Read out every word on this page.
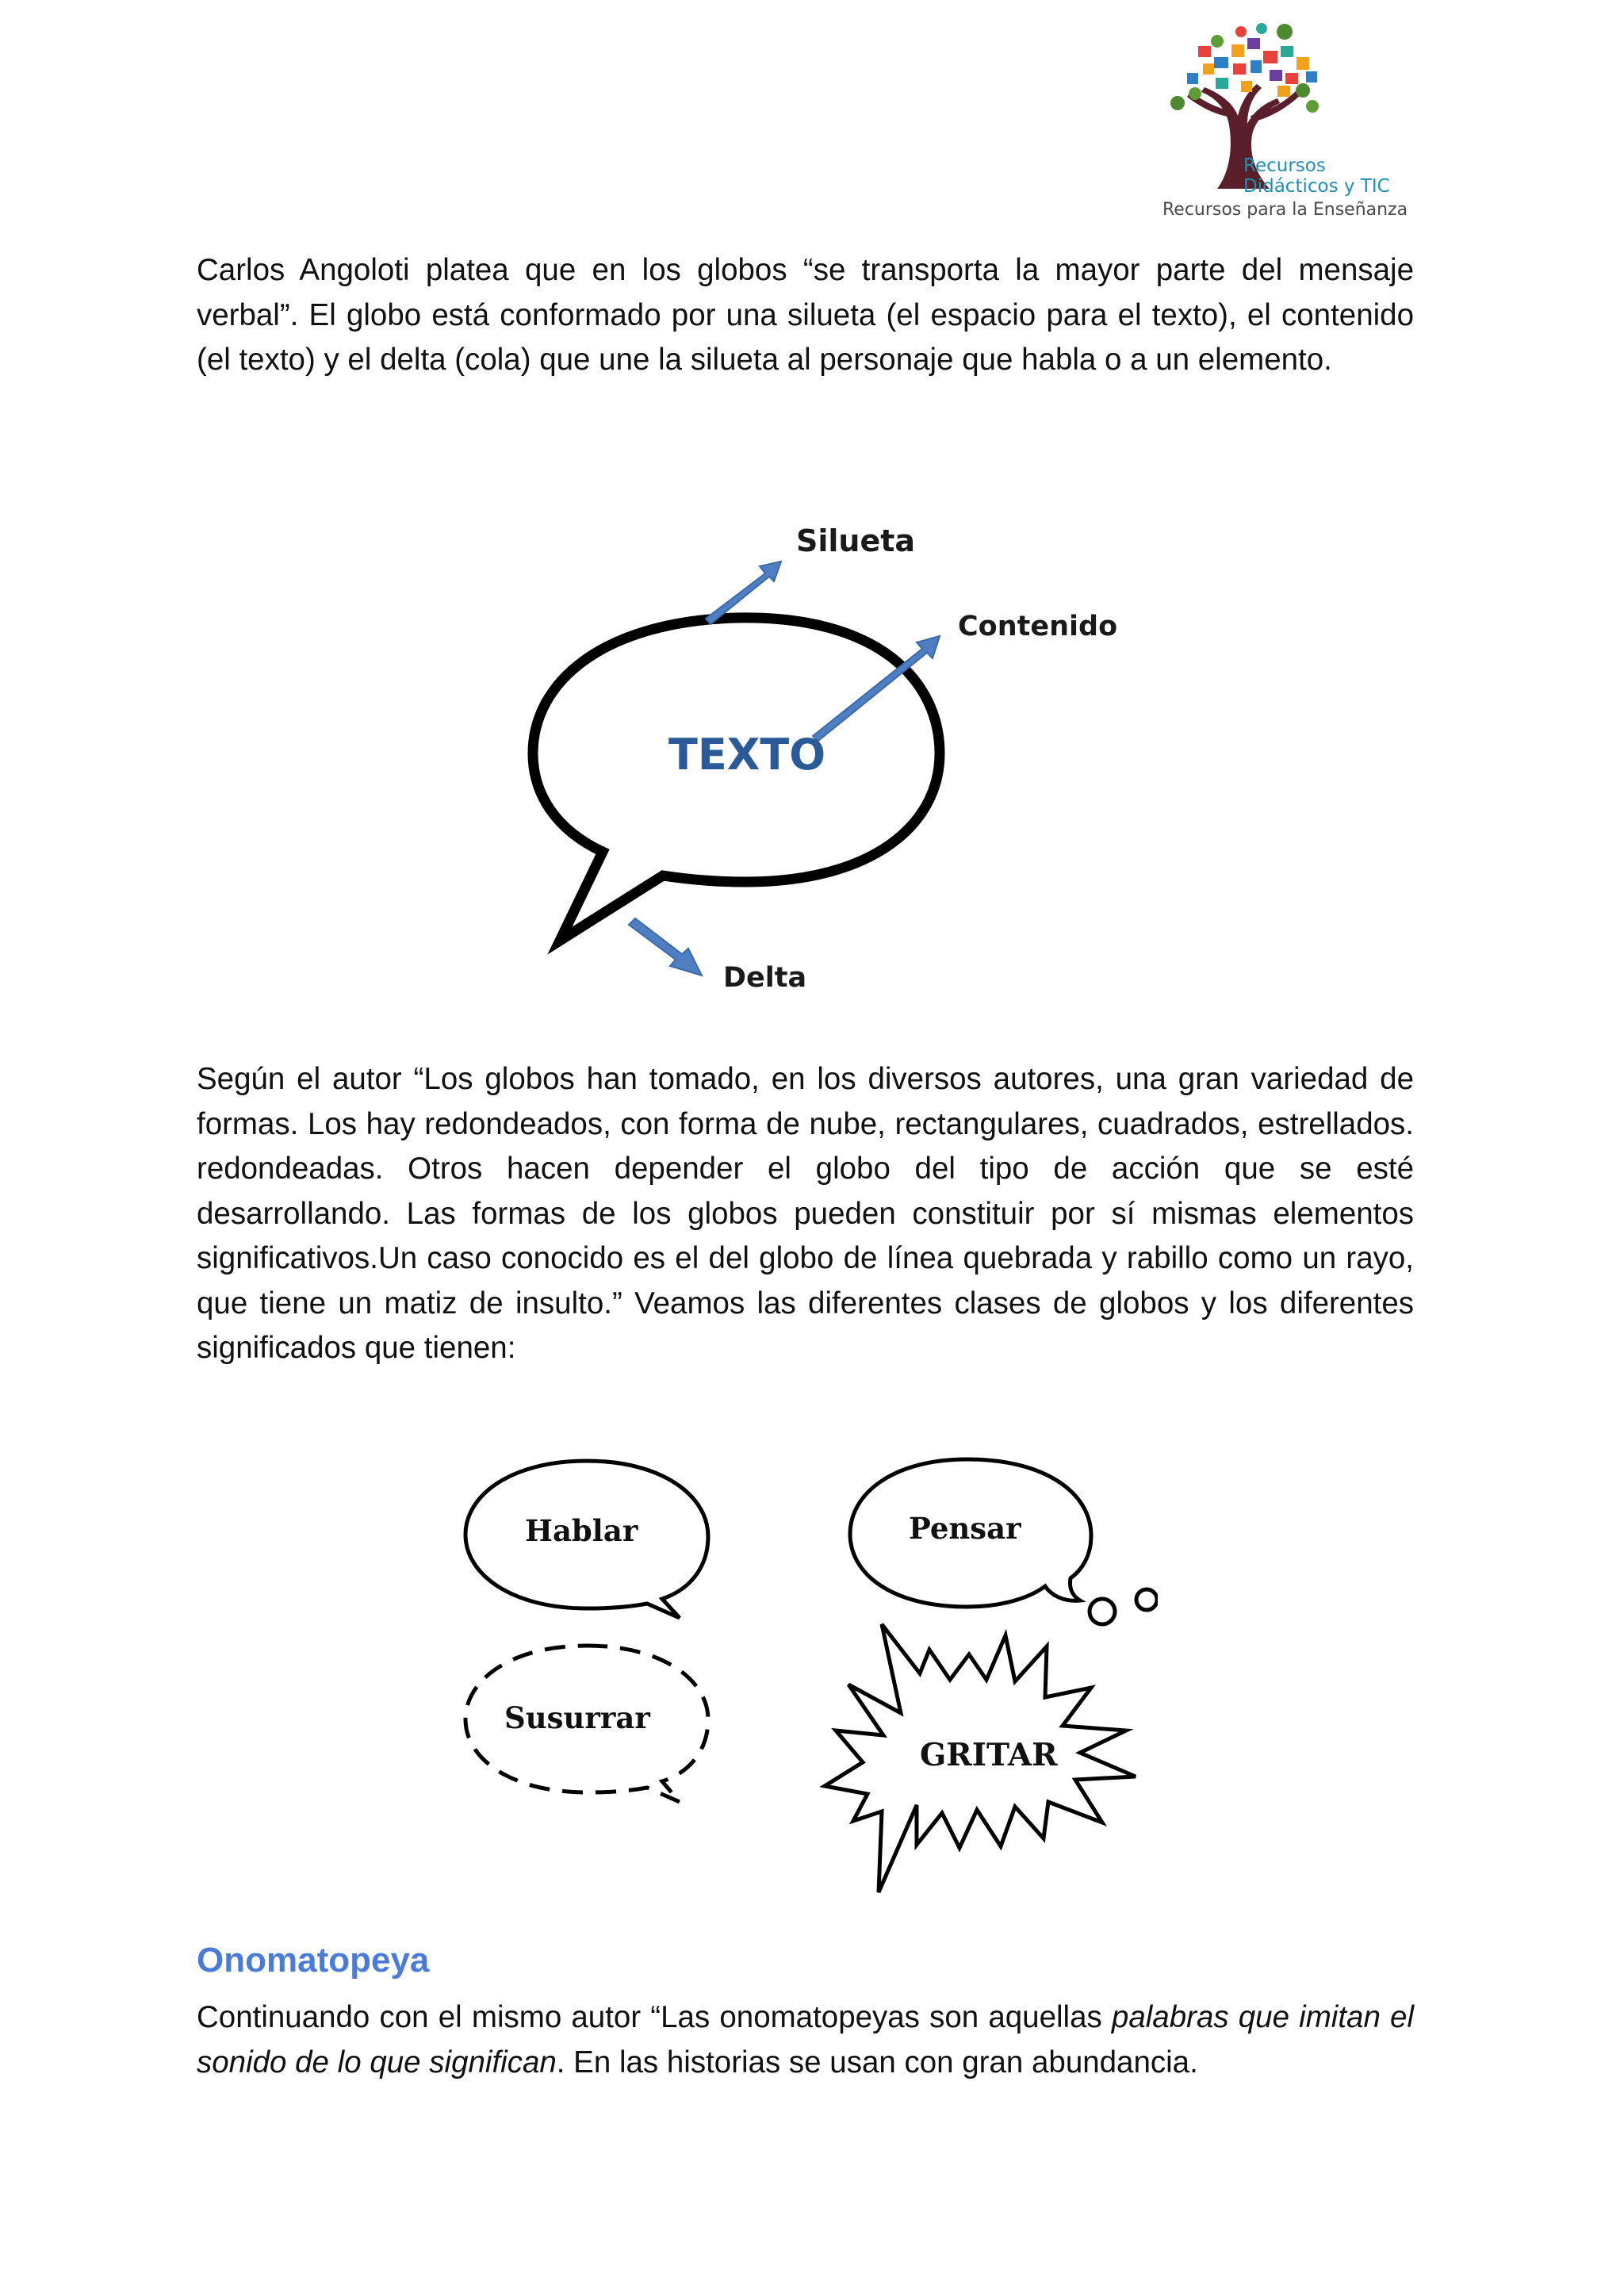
Recursos
Didácticos y TIC
Recursos para la Enseñanza

Carlos Angoloti platea que en los globos “se transporta la mayor parte del mensaje verbal”. El globo está conformado por una silueta (el espacio para el texto), el contenido (el texto) y el delta (cola) que une la silueta al personaje que habla o a un elemento.

Silueta
Contenido
Delta
TEXTO

Según el autor “Los globos han tomado, en los diversos autores, una gran variedad de formas. Los hay redondeados, con forma de nube, rectangulares, cuadrados, estrellados. redondeadas. Otros hacen depender el globo del tipo de acción que se esté desarrollando. Las formas de los globos pueden constituir por sí mismas elementos significativos.Un caso conocido es el del globo de línea quebrada y rabillo como un rayo, que tiene un matiz de insulto.” Veamos las diferentes clases de globos y los diferentes significados que tienen:

Hablar	Pensar
Susurrar
GRITAR
Onomatopeya

Continuando con el mismo autor “Las onomatopeyas son aquellas palabras que imitan el sonido de lo que significan. En las historias se usan con gran abundancia.
